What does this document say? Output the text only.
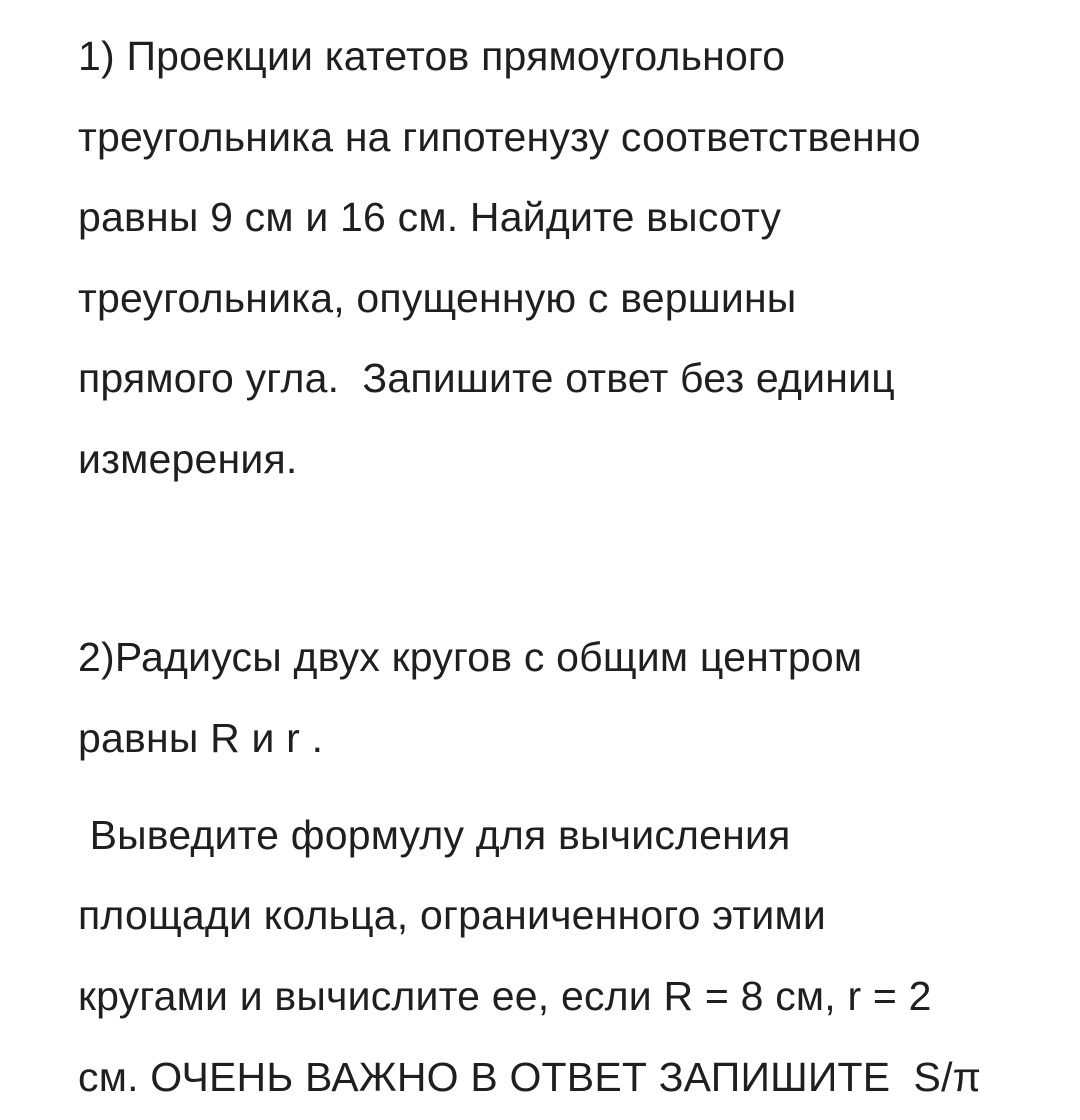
1) Проекции катетов прямоугольного
треугольника на гипотенузу соответственно
равны 9 см и 16 см. Найдите высоту
треугольника, опущенную с вершины
прямого угла.  Запишите ответ без единиц
измерения.
2)Радиусы двух кругов с общим центром
равны R и r .
Выведите формулу для вычисления
площади кольца, ограниченного этими
кругами и вычислите ее, если R = 8 см, r = 2
см. ОЧЕНЬ ВАЖНО В ОТВЕТ ЗАПИШИТЕ  S/π
